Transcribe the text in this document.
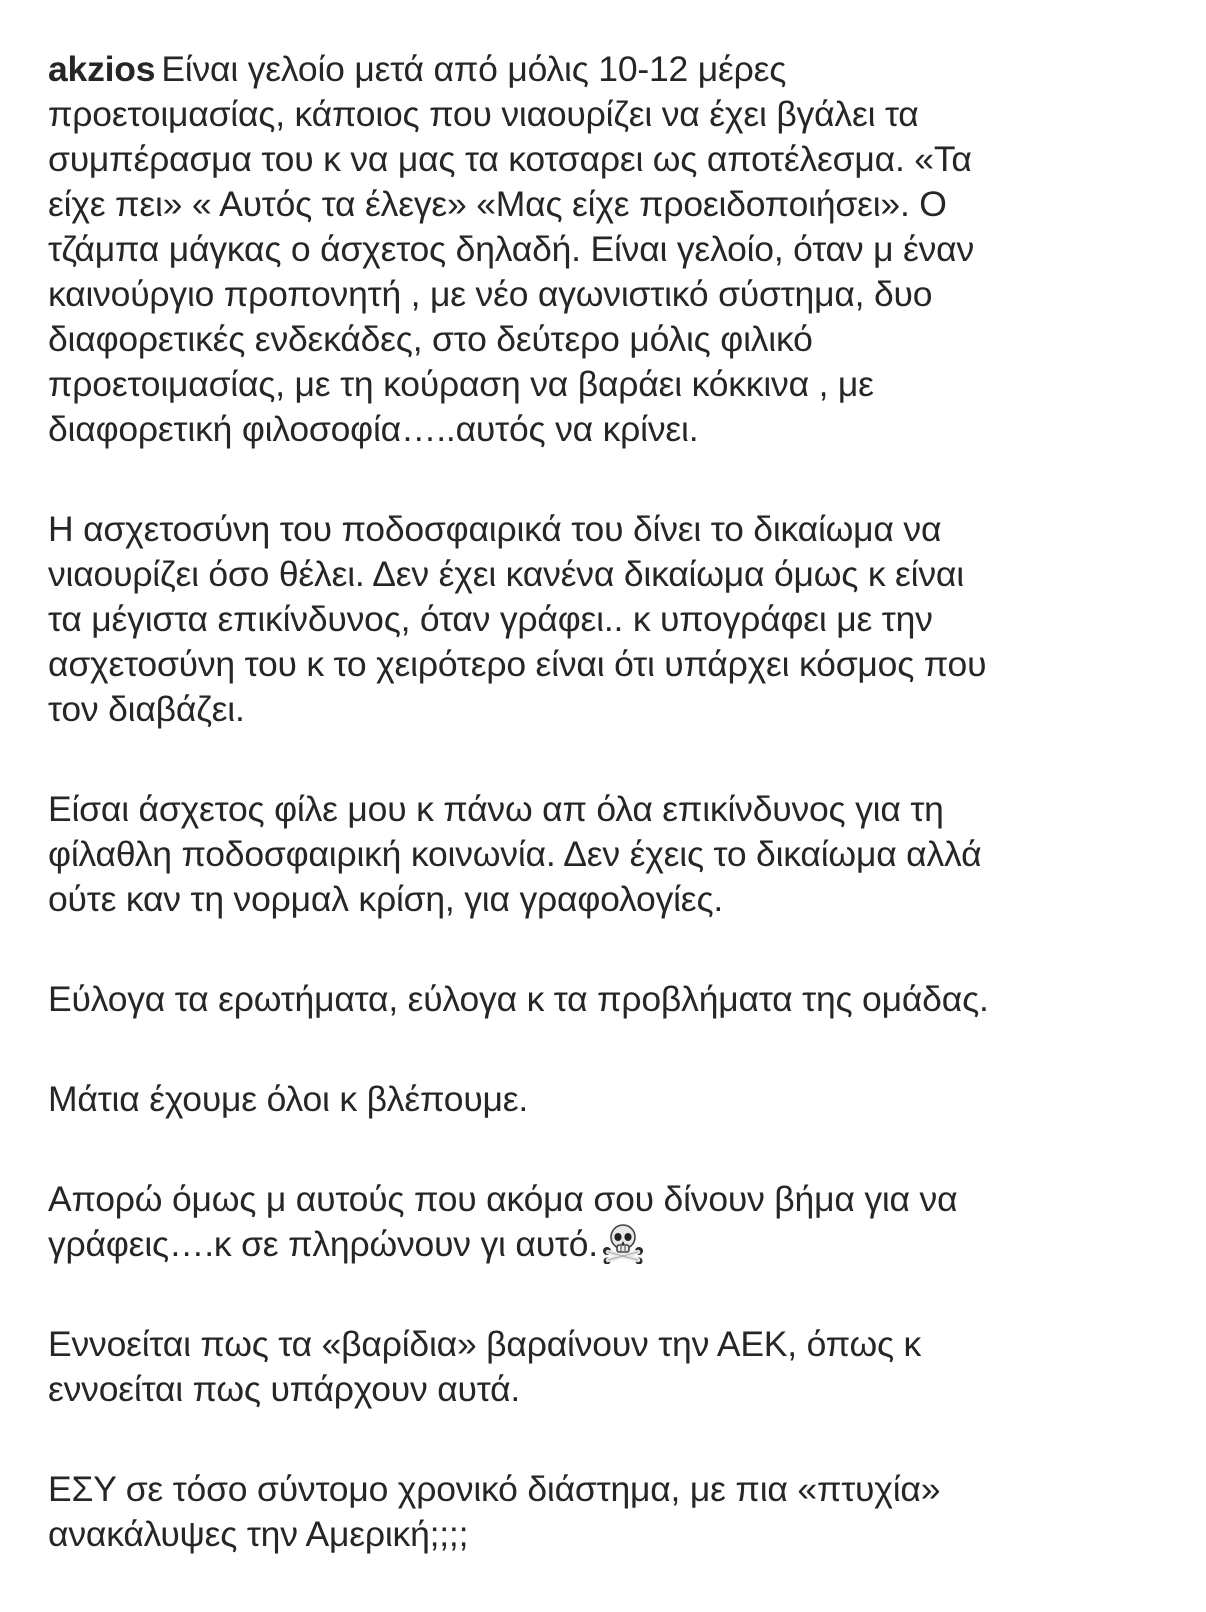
akzios Είναι γελοίο μετά από μόλις 10-12 μέρες
προετοιμασίας, κάποιος που νιαουρίζει να έχει βγάλει τα
συμπέρασμα του κ να μας τα κοτσαρει ως αποτέλεσμα. «Τα
είχε πει» « Αυτός τα έλεγε» «Μας είχε προειδοποιήσει». Ο
τζάμπα μάγκας ο άσχετος δηλαδή. Είναι γελοίο, όταν μ έναν
καινούργιο προπονητή , με νέο αγωνιστικό σύστημα, δυο
διαφορετικές ενδεκάδες, στο δεύτερο μόλις φιλικό
προετοιμασίας, με τη κούραση να βαράει κόκκινα , με
διαφορετική φιλοσοφία…..αυτός να κρίνει.

Η ασχετοσύνη του ποδοσφαιρικά του δίνει το δικαίωμα να
νιαουρίζει όσο θέλει. Δεν έχει κανένα δικαίωμα όμως κ είναι
τα μέγιστα επικίνδυνος, όταν γράφει.. κ υπογράφει με την
ασχετοσύνη του κ το χειρότερο είναι ότι υπάρχει κόσμος που
τον διαβάζει.

Είσαι άσχετος φίλε μου κ πάνω απ όλα επικίνδυνος για τη
φίλαθλη ποδοσφαιρική κοινωνία. Δεν έχεις το δικαίωμα αλλά
ούτε καν τη νορμαλ κρίση, για γραφολογίες.

Εύλογα τα ερωτήματα, εύλογα κ τα προβλήματα της ομάδας.

Μάτια έχουμε όλοι κ βλέπουμε.

Απορώ όμως μ αυτούς που ακόμα σου δίνουν βήμα για να
γράφεις….κ σε πληρώνουν γι αυτό.

Εννοείται πως τα «βαρίδια» βαραίνουν την ΑΕΚ, όπως κ
εννοείται πως υπάρχουν αυτά.

ΕΣΥ σε τόσο σύντομο χρονικό διάστημα, με πια «πτυχία»
ανακάλυψες την Αμερική;;;;
